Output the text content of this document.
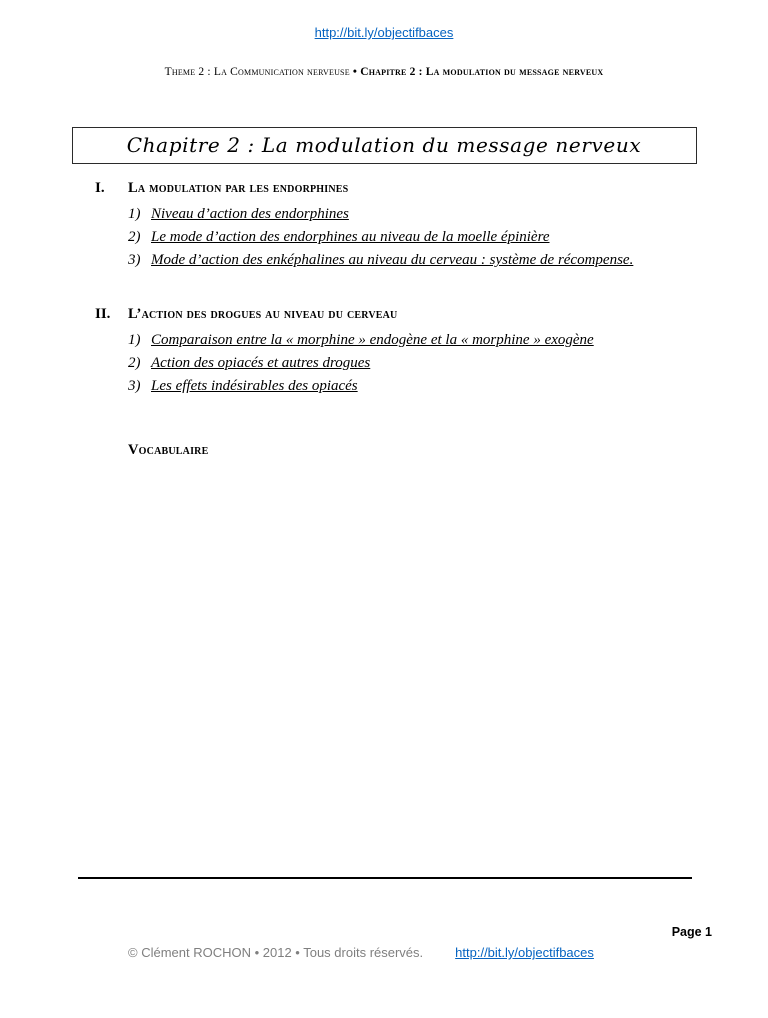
http://bit.ly/objectifbaces
Theme 2 : La Communication nerveuse • Chapitre 2 : La modulation du message nerveux
Chapitre 2 : La modulation du message nerveux
I.	La modulation par les endorphines
1) Niveau d’action des endorphines
2) Le mode d’action des endorphines au niveau de la moelle épinière
3) Mode d’action des enképhalines au niveau du cerveau : système de récompense.
II.	L’action des drogues au niveau du cerveau
1) Comparaison entre la « morphine » endogène et la « morphine » exogène
2) Action des opiacés et autres drogues
3) Les effets indésirables des opiacés
Vocabulaire
Page 1
© Clément ROCHON • 2012 • Tous droits réservés. http://bit.ly/objectifbaces
